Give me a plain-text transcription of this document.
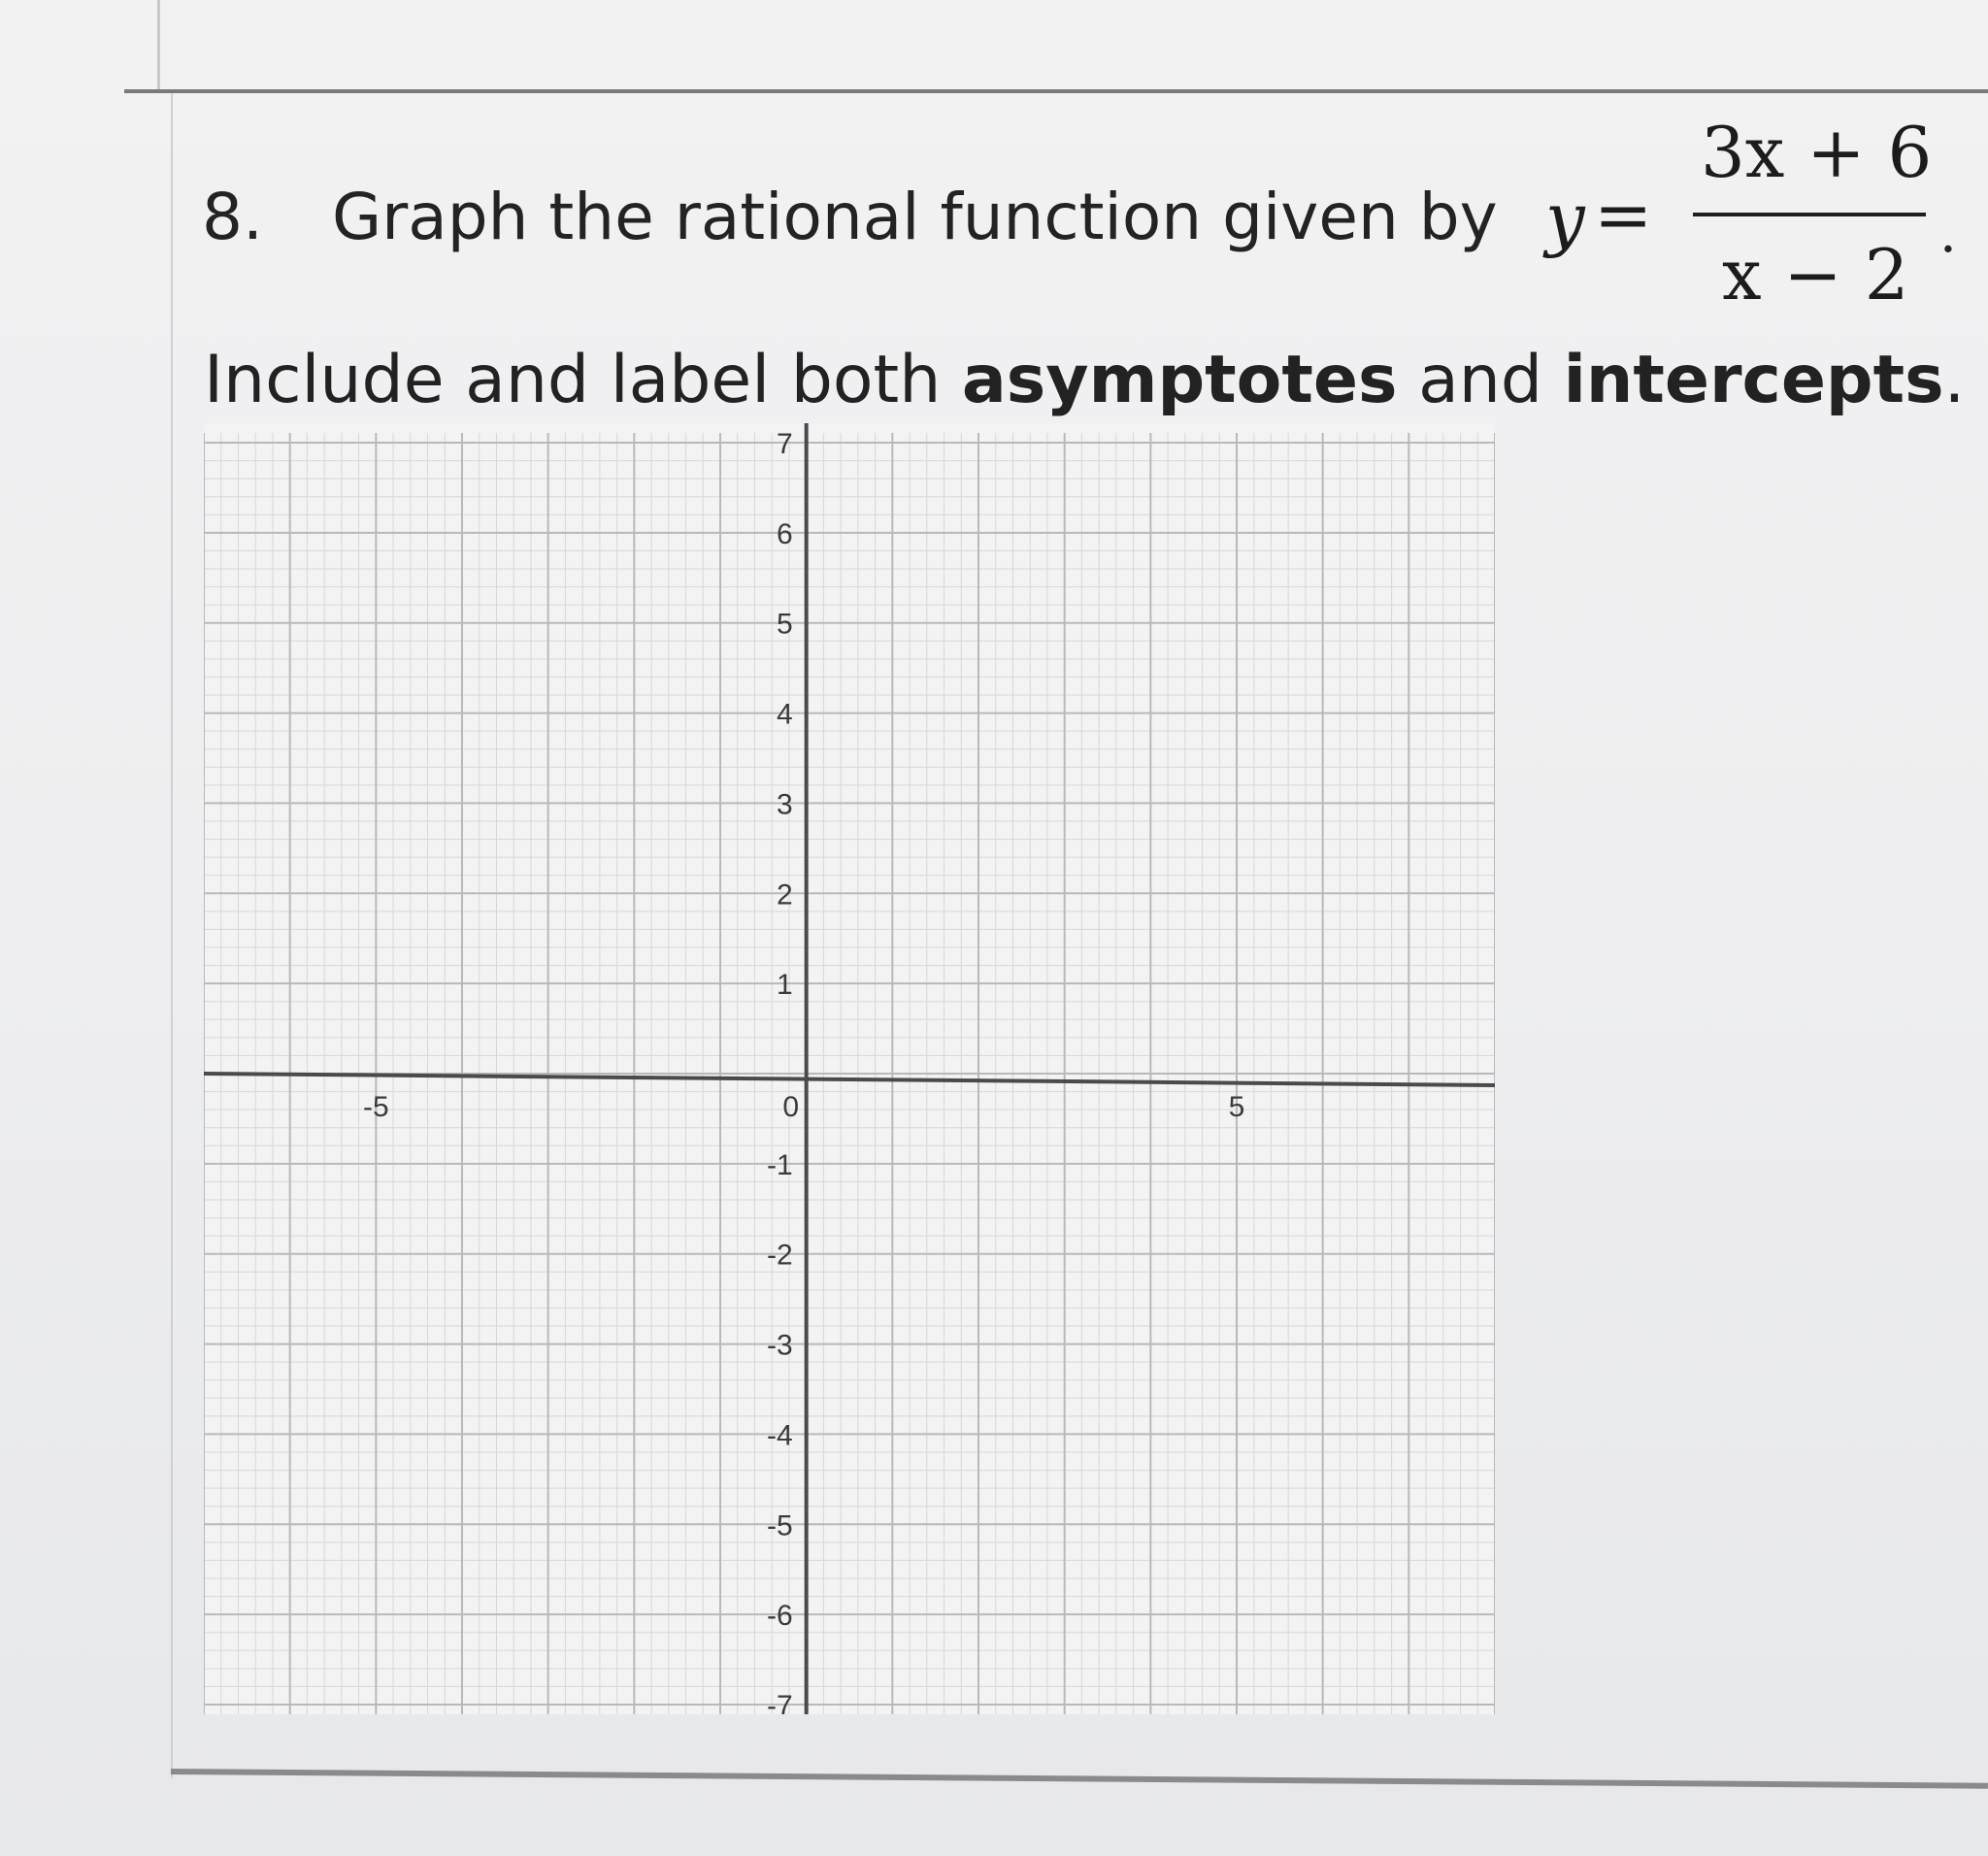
8. Graph the rational function given by y =
3x + 6
x − 2
.
Include and label both asymptotes and intercepts.
-5	0	5
7
6
5
4
3
2
1
-1
-2
-3
-4
-5
-6
-7
